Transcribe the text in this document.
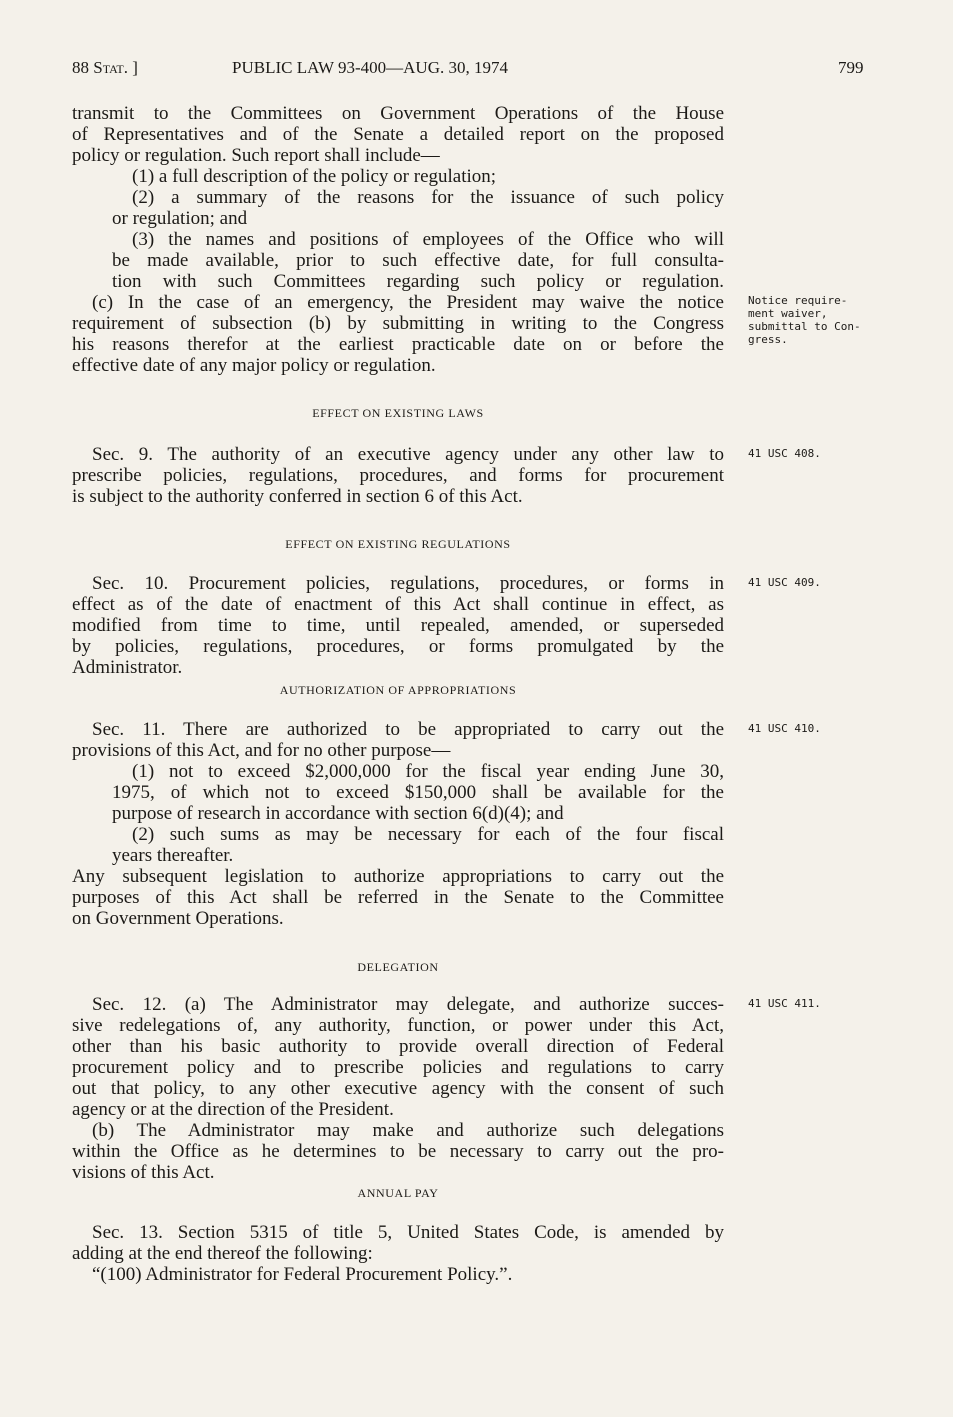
88 Stat. ]	PUBLIC LAW 93-400—AUG. 30, 1974	799
transmit to the Committees on Government Operations of the House
of Representatives and of the Senate a detailed report on the proposed
policy or regulation. Such report shall include—
(1) a full description of the policy or regulation;
(2) a summary of the reasons for the issuance of such policy
or regulation; and
(3) the names and positions of employees of the Office who will
be made available, prior to such effective date, for full consulta-
tion with such Committees regarding such policy or regulation.
(c) In the case of an emergency, the President may waive the notice
requirement of subsection (b) by submitting in writing to the Congress
his reasons therefor at the earliest practicable date on or before the
effective date of any major policy or regulation.
Notice require-
ment waiver,
submittal to Con-
gress.
EFFECT ON EXISTING LAWS
Sec. 9. The authority of an executive agency under any other law to
prescribe policies, regulations, procedures, and forms for procurement
is subject to the authority conferred in section 6 of this Act.
41 USC 408.
EFFECT ON EXISTING REGULATIONS
Sec. 10. Procurement policies, regulations, procedures, or forms in
effect as of the date of enactment of this Act shall continue in effect, as
modified from time to time, until repealed, amended, or superseded
by policies, regulations, procedures, or forms promulgated by the
Administrator.
41 USC 409.
AUTHORIZATION OF APPROPRIATIONS
Sec. 11. There are authorized to be appropriated to carry out the
provisions of this Act, and for no other purpose—
(1) not to exceed $2,000,000 for the fiscal year ending June 30,
1975, of which not to exceed $150,000 shall be available for the
purpose of research in accordance with section 6(d)(4); and
(2) such sums as may be necessary for each of the four fiscal
years thereafter.
Any subsequent legislation to authorize appropriations to carry out the
purposes of this Act shall be referred in the Senate to the Committee
on Government Operations.
41 USC 410.
DELEGATION
Sec. 12. (a) The Administrator may delegate, and authorize succes-
sive redelegations of, any authority, function, or power under this Act,
other than his basic authority to provide overall direction of Federal
procurement policy and to prescribe policies and regulations to carry
out that policy, to any other executive agency with the consent of such
agency or at the direction of the President.
(b) The Administrator may make and authorize such delegations
within the Office as he determines to be necessary to carry out the pro-
visions of this Act.
41 USC 411.
ANNUAL PAY
Sec. 13. Section 5315 of title 5, United States Code, is amended by
adding at the end thereof the following:
“(100) Administrator for Federal Procurement Policy.”.
